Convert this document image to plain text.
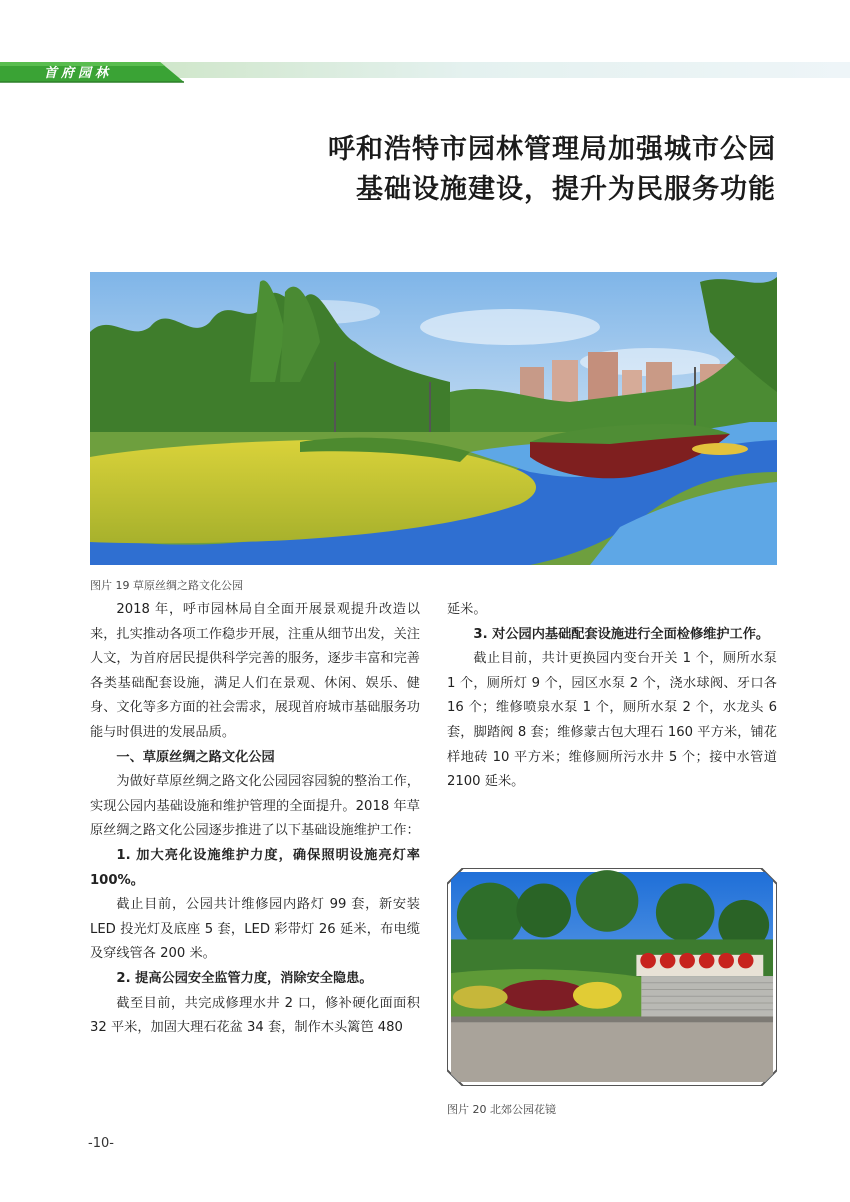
首府园林
呼和浩特市园林管理局加强城市公园
基础设施建设，提升为民服务功能
图片 19 草原丝绸之路文化公园

2018 年，呼市园林局自全面开展景观提升改造以来，扎实推动各项工作稳步开展，注重从细节出发，关注人文，为首府居民提供科学完善的服务，逐步丰富和完善各类基础配套设施，满足人们在景观、休闲、娱乐、健身、文化等多方面的社会需求，展现首府城市基础服务功能与时俱进的发展品质。

一、草原丝绸之路文化公园

为做好草原丝绸之路文化公园园容园貌的整治工作，实现公园内基础设施和维护管理的全面提升。2018 年草原丝绸之路文化公园逐步推进了以下基础设施维护工作：

1. 加大亮化设施维护力度，确保照明设施亮灯率 100%。

截止目前，公园共计维修园内路灯 99 套，新安装 LED 投光灯及底座 5 套，LED 彩带灯 26 延米，布电缆及穿线管各 200 米。

2. 提高公园安全监管力度，消除安全隐患。

截至目前，共完成修理水井 2 口，修补硬化面面积 32 平米，加固大理石花盆 34 套，制作木头篱笆 480

延米。

3. 对公园内基础配套设施进行全面检修维护工作。

截止目前，共计更换园内变台开关 1 个，厕所水泵 1 个，厕所灯 9 个，园区水泵 2 个，浇水球阀、牙口各 16 个；维修喷泉水泵 1 个，厕所水泵 2 个，水龙头 6 套，脚踏阀 8 套；维修蒙古包大理石 160 平方米，铺花样地砖 10 平方米；维修厕所污水井 5 个；接中水管道 2100 延米。

图片 20 北郊公园花镜
-10-
